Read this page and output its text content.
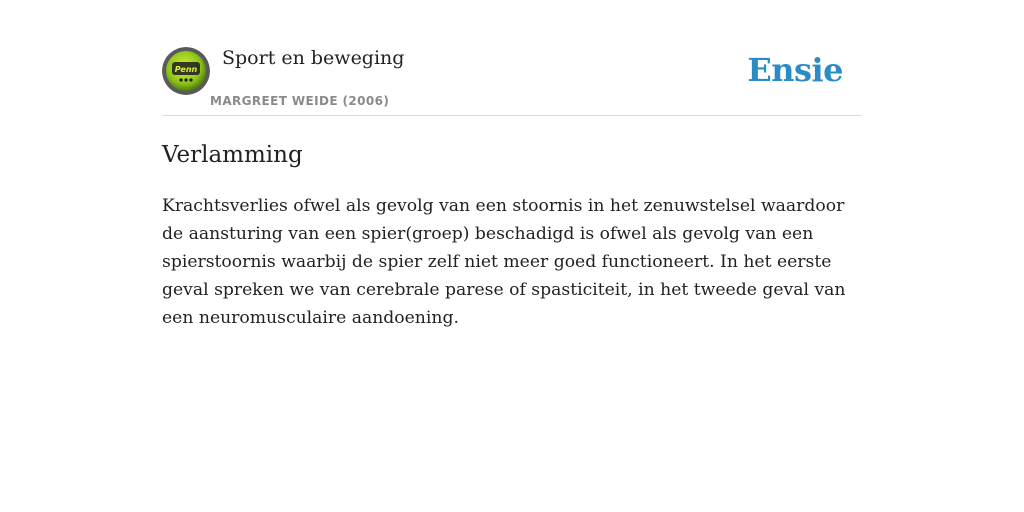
Penn
Sport en beweging
MARGREET WEIDE (2006)
Ensie
Verlamming

Krachtsverlies ofwel als gevolg van een stoornis in het zenuwstelsel waardoor de aansturing van een spier(groep) beschadigd is ofwel als gevolg van een spierstoornis waarbij de spier zelf niet meer goed functioneert. In het eerste geval spreken we van cerebrale parese of spasticiteit, in het tweede geval van een neuromusculaire aandoening.
